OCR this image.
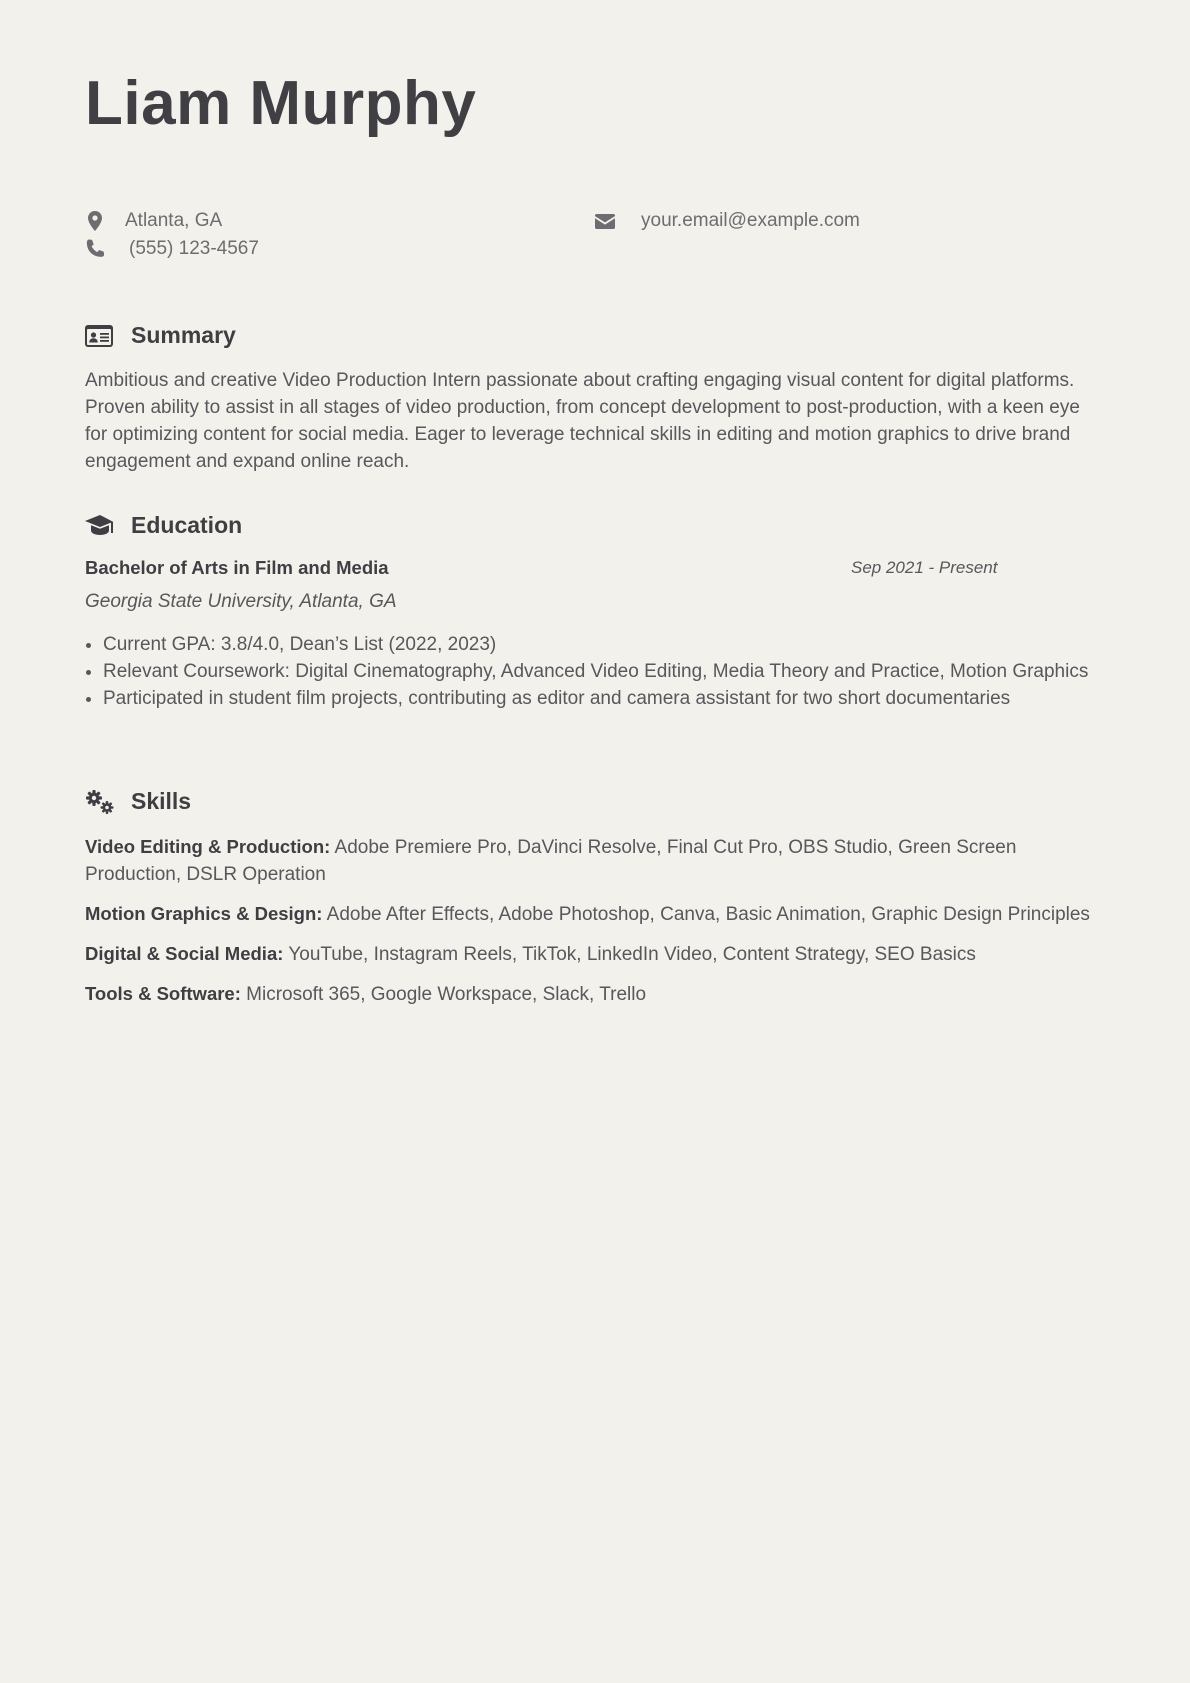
Liam Murphy
Atlanta, GA	your.email@example.com
(555) 123-4567
Summary
Ambitious and creative Video Production Intern passionate about crafting engaging visual content for digital platforms. Proven ability to assist in all stages of video production, from concept development to post-production, with a keen eye for optimizing content for social media. Eager to leverage technical skills in editing and motion graphics to drive brand engagement and expand online reach.
Education
Bachelor of Arts in Film and Media	Sep 2021 - Present
Georgia State University, Atlanta, GA
• Current GPA: 3.8/4.0, Dean’s List (2022, 2023)
• Relevant Coursework: Digital Cinematography, Advanced Video Editing, Media Theory and Practice, Motion Graphics
• Participated in student film projects, contributing as editor and camera assistant for two short documentaries
Skills
Video Editing & Production: Adobe Premiere Pro, DaVinci Resolve, Final Cut Pro, OBS Studio, Green Screen Production, DSLR Operation
Motion Graphics & Design: Adobe After Effects, Adobe Photoshop, Canva, Basic Animation, Graphic Design Principles
Digital & Social Media: YouTube, Instagram Reels, TikTok, LinkedIn Video, Content Strategy, SEO Basics
Tools & Software: Microsoft 365, Google Workspace, Slack, Trello
